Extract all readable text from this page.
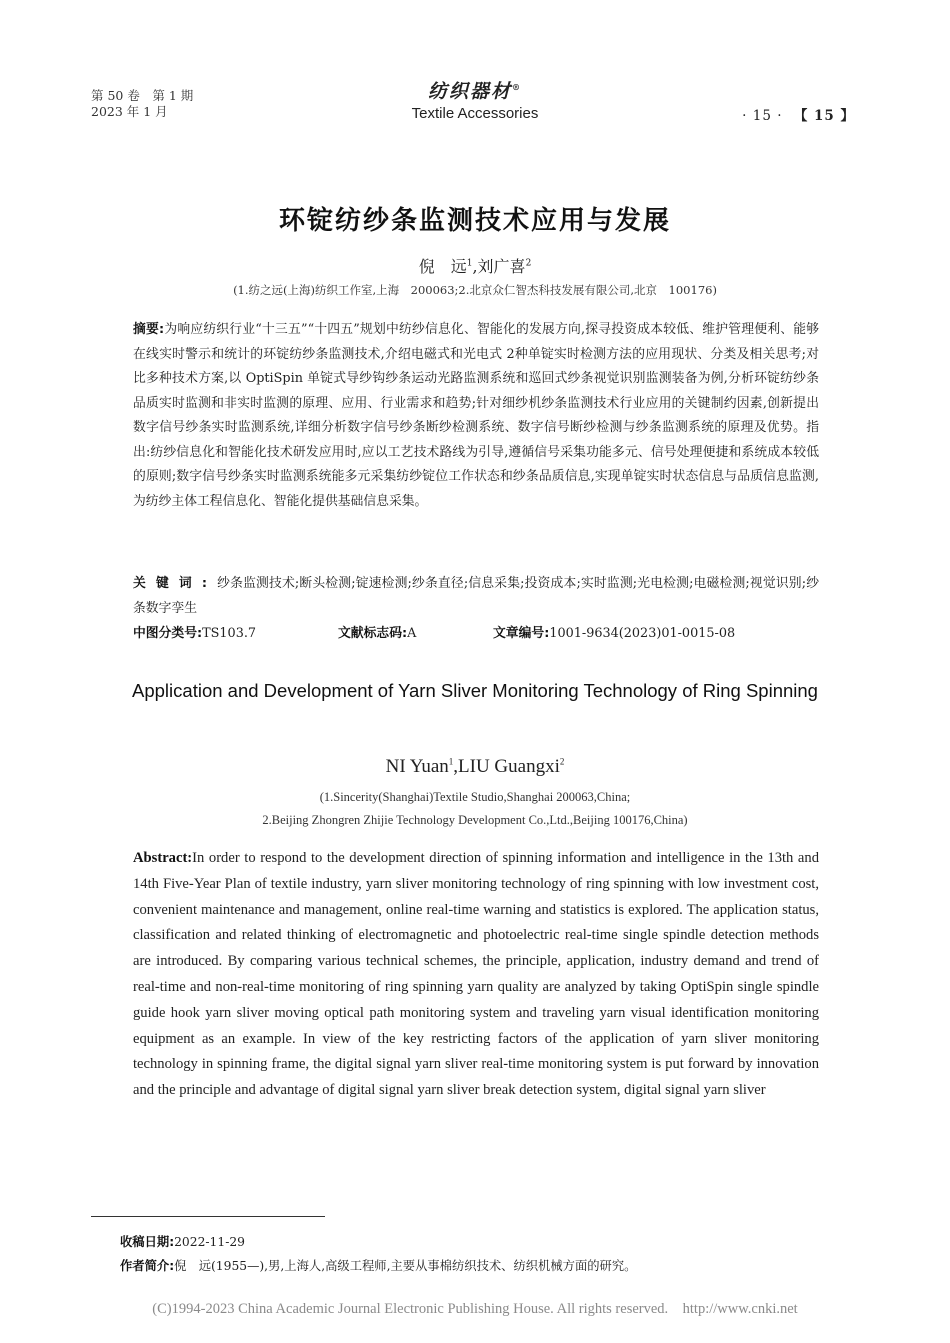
第 50 卷　第 1 期
2023 年 1 月
纺织器材®
Textile Accessories	· 15 · 【 15 】
环锭纺纱条监测技术应用与发展
倪　远$^1$,刘广喜$^2$
(1.纺之远(上海)纺织工作室,上海　200063;2.北京众仁智杰科技发展有限公司,北京　100176)
摘要:为响应纺织行业“十三五”“十四五”规划中纺纱信息化、智能化的发展方向,探寻投资成本较低、维护管理便利、能够在线实时警示和统计的环锭纺纱条监测技术,介绍电磁式和光电式 2种单锭实时检测方法的应用现状、分类及相关思考;对比多种技术方案,以 OptiSpin 单锭式导纱钩纱条运动光路监测系统和巡回式纱条视觉识别监测装备为例,分析环锭纺纱条品质实时监测和非实时监测的原理、应用、行业需求和趋势;针对细纱机纱条监测技术行业应用的关键制约因素,创新提出数字信号纱条实时监测系统,详细分析数字信号纱条断纱检测系统、数字信号断纱检测与纱条监测系统的原理及优势。指出:纺纱信息化和智能化技术研发应用时,应以工艺技术路线为引导,遵循信号采集功能多元、信号处理便捷和系统成本较低的原则;数字信号纱条实时监测系统能多元采集纺纱锭位工作状态和纱条品质信息,实现单锭实时状态信息与品质信息监测,为纺纱主体工程信息化、智能化提供基础信息采集。
关键词:纱条监测技术;断头检测;锭速检测;纱条直径;信息采集;投资成本;实时监测;光电检测;电磁检测;视觉识别;纱条数字孪生
中图分类号:TS103.7	文献标志码:A	文章编号:1001-9634(2023)01-0015-08
Application and Development of Yarn Sliver Monitoring Technology of Ring Spinning
NI Yuan$^1$,LIU Guangxi$^2$
(1.Sincerity(Shanghai)Textile Studio,Shanghai 200063,China;
2.Beijing Zhongren Zhijie Technology Development Co.,Ltd.,Beijing 100176,China)
Abstract:In order to respond to the development direction of spinning information and intelligence in the 13th and 14th Five-Year Plan of textile industry, yarn sliver monitoring technology of ring spinning with low investment cost, convenient maintenance and management, online real-time warning and statistics is explored. The application status, classification and related thinking of electromagnetic and photoelectric real-time single spindle detection methods are introduced. By comparing various technical schemes, the principle, application, industry demand and trend of real-time and non-real-time monitoring of ring spinning yarn quality are analyzed by taking OptiSpin single spindle guide hook yarn sliver moving optical path monitoring system and traveling yarn visual identification monitoring equipment as an example. In view of the key restricting factors of the application of yarn sliver monitoring technology in spinning frame, the digital signal yarn sliver real-time monitoring system is put forward by innovation and the principle and advantage of digital signal yarn sliver break detection system, digital signal yarn sliver
收稿日期:2022-11-29
作者简介:倪　远(1955—),男,上海人,高级工程师,主要从事棉纺织技术、纺织机械方面的研究。
(C)1994-2023 China Academic Journal Electronic Publishing House. All rights reserved.　http://www.cnki.net
